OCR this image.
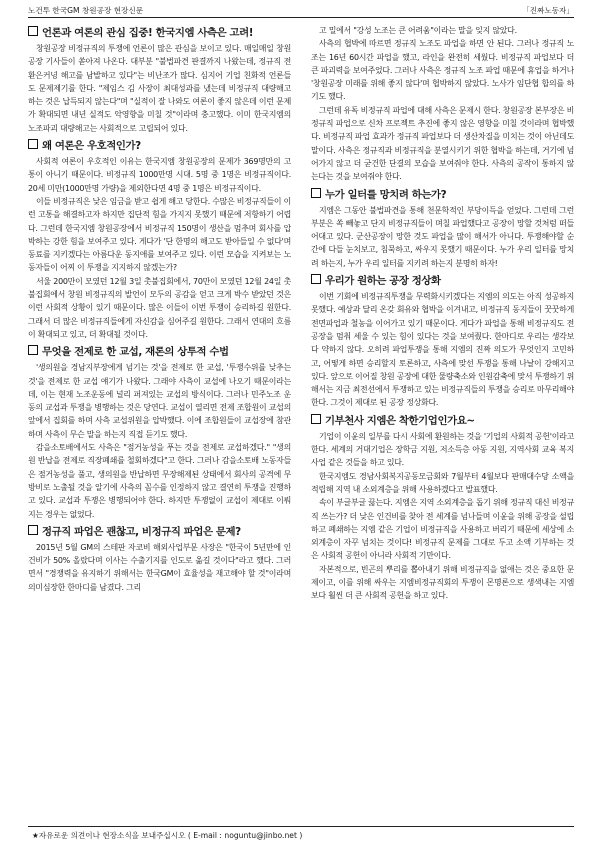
노건투 한국GM 창원공장 현장신문	「진짜노동자」
언론과 여론의 관심 집중! 한국지엠 사측은 고려!

창원공장 비정규직의 투쟁에 언론이 많은 관심을 보이고 있다. 매일매일 창원공장 기사들이 쏟아져 나온다. 대부분 "불법파견 판결까지 나왔는데, 정규직 전환은커녕 해고를 남발하고 있다"는 비난조가 많다. 심지어 기업 친화적 언론들도 문제제기를 한다. "제임스 김 사장이 최대성과를 냈는데 비정규직 대량해고 하는 것은 납득되지 않는다"며 "실적이 잘 나와도 여론이 좋지 않은데 이런 문제가 확대되면 내년 실적도 악영향을 미칠 것"이라며 충고했다. 이미 한국지엠의 노조파괴 대량해고는 사회적으로 고립되어 있다.

왜 여론은 우호적인가?

사회적 여론이 우호적인 이유는 한국지엠 창원공장의 문제가 369명만의 고통이 아니기 때문이다. 비정규직 1000만명 시대. 5명 중 1명은 비정규직이다. 20세 미만(1000만명 가량)을 제외한다면 4명 중 1명은 비정규직이다.

이들 비정규직은 낮은 임금을 받고 쉽게 해고 당한다. 수많은 비정규직들이 이런 고통을 해결하고자 하지만 집단적 힘을 가지지 못했기 때문에 저항하기 어렵다. 그런데 한국지엠 창원공장에서 비정규직 150명이 생산을 멈추며 회사를 압박하는 강한 힘을 보여주고 있다. 게다가 '단 한명의 해고도 받아들일 수 없다'며 동료를 지키겠다는 아름다운 동지애를 보여주고 있다. 이런 모습을 지켜보는 노동자들이 어찌 이 투쟁을 지지하지 않겠는가?

서울 200만이 모였던 12월 3일 촛불집회에서, 70만이 모였던 12월 24일 촛불집회에서 창원 비정규직의 발언이 모두의 공감을 얻고 크게 박수 받았던 것은 이런 사회적 상황이 있기 때문이다. 많은 이들이 이번 투쟁이 승리하길 원한다. 그래서 더 많은 비정규직들에게 자신감을 심어주길 원한다. 그래서 연대의 흐름이 확대되고 있고, 더 확대될 것이다.

무엇을 전제로 한 교섭, 재론의 상투적 수법

'생의원을 경남지부장에게 넘기는 것'을 전제로 한 교섭, '투쟁수위를 낮추는 것'을 전제로 한 교섭 얘기가 나왔다. 그래야 사측이 교섭에 나오기 때문이라는데, 이는 현재 노조운동에 널리 퍼져있는 교섭의 방식이다. 그러나 민주노조 운동의 교섭과 투쟁을 병행하는 것은 당연다. 교섭이 열리면 전제 조합원이 교섭의 앞에서 집회를 하며 사측 교섭위원을 압박했다. 이에 조합원들이 교섭장에 참관하며 사측이 무슨 말을 하는지 직접 듣기도 했다.

감을소토배에서도 사측은 "점거농성을 푸는 것을 전제로 교섭하겠다." "생의원 반납을 전제로 직장폐쇄를 철회하겠다"고 한다. 그러나 감을소토배 노동자들은 점거농성을 풀고, 생의원을 반납하면 무장해제된 상태에서 회사의 공격에 무방비로 노출될 것을 알기에 사측의 꼼수를 인정하지 않고 결연히 투쟁을 진행하고 있다. 교섭과 투쟁은 병행되어야 한다. 하지만 투쟁없이 교섭이 제대로 이뤄지는 경우는 없었다.

정규직 파업은 괜찮고, 비정규직 파업은 문제?

2015년 5월 GM의 스테판 자코비 해외사업부문 사장은 "한국이 5년만에 인건비가 50% 올랐다며 이사는 수출기지를 인도로 옮길 것이다"라고 했다. 그러면서 "경쟁력을 유지하기 위해서는 한국GM이 효율성을 재고해야 할 것"이라며 의미심장한 한마디를 남겼다. 그리

고 밀에서 "강성 노조는 큰 어려움"이라는 말을 잊지 않았다.

사측의 협박에 따르면 정규직 노조도 파업을 하면 안 된다. 그러나 정규직 노조는 16년 60시간 파업을 했고, 라인을 완전히 세웠다. 비정규직 파업보다 더 큰 파괴력을 보여주었다. 그러나 사측은 정규직 노조 파업 때문에 휴업을 하거나 '창원공장 미래를 위해 좋지 않다'며 협박하지 않았다. 노사가 임단협 합의를 하기도 했다.

그런데 유독 비정규직 파업에 대해 사측은 문제시 한다. 창원공장 본부장은 비정규직 파업으로 신차 프로젝트 추진에 좋지 않은 영향을 미칠 것이라며 협박했다. 비정규직 파업 효과가 정규직 파업보다 더 생산차질을 미치는 것이 아닌데도 말이다. 사측은 정규직과 비정규직을 분열시키기 위한 협박을 하는데, 거기에 넘어가지 않고 더 굳건한 단결의 모습을 보여줘야 한다. 사측의 공작이 통하지 않는다는 것을 보여줘야 한다.

누가 일터를 망치려 하는가?

지엠은 그동안 불법파견을 통해 천문학적인 부당이득을 얻었다. 그런데 그런 부분은 쏙 빼놓고 단지 비정규직들이 며칠 파업했다고 공장이 망할 것처럼 떠들어대고 있다. 군산공장이 망한 것도 파업을 많이 해서가 아니다. 투쟁해야할 순간에 다들 눈치보고, 침묵하고, 싸우지 못했기 때문이다. 누가 우리 일터를 망치려 하는지, 누가 우리 일터를 지키려 하는지 분명히 하자!

우리가 원하는 공장 정상화

이번 기회에 비정규직투쟁을 무력화시키겠다는 지엠의 의도는 아직 성공하지 못했다. 예상과 달리 온갖 회유와 협박을 이겨내고, 비정규직 동지들이 꿋꿋하게 전면파업과 철농을 이어가고 있기 때문이다. 게다가 파업을 통해 비정규직도 전 공장을 멈춰 세울 수 있는 힘이 있다는 것을 보여줬다. 한마디로 우리는 생각보다 약하지 않다. 오히려 파업투쟁을 통해 지엠의 진짜 의도가 무엇인지 고민하고, 어떻게 하면 승리할지 토론하고, 사측에 맞선 투쟁을 통해 나날이 강해지고 있다. 앞으로 이어질 창원 공장에 대한 물량축소와 인원감축에 맞서 투쟁하기 위해서는 지금 최전선에서 투쟁하고 있는 비정규직들의 투쟁을 승리로 마무리해야 한다. 그것이 제대로 된 공장 정상화다.

기부천사 지엠은 착한기업인가요~

기업이 이윤의 일부를 다시 사회에 환원하는 것을 '기업의 사회적 공헌'이라고 한다. 세계의 거대기업은 장학금 지원, 저소득층 아동 지원, 지역사회 교육 복지 사업 같은 것들을 하고 있다.

한국지엠도 경남사회복지공동모금회와 7월부터 4월보다 판매대수당 소액을 적립해 지역 내 소외계층을 위해 사용하겠다고 발표했다.

속이 부글부글 끓는다. 지엠은 지역 소외계층을 돕기 위해 정규직 대신 비정규직 쓰는가? 더 낮은 인건비를 찾아 전 세계를 넘나들며 이윤을 위해 공장을 설립하고 폐쇄하는 지엠 같은 기업이 비정규직을 사용하고 버리기 때문에 세상에 소외계층이 자꾸 넘치는 것이다! 비정규직 문제를 그대로 두고 소액 기부하는 것은 사회적 공헌이 아니라 사회적 기만이다.

자본적으로, 빈곤의 뿌리를 뽑아내기 위해 비정규직을 없애는 것은 중요한 문제이고, 이를 위해 싸우는 지엠비정규직회의 투쟁이 몬명론으로 생색내는 지엠보다 훨씬 더 큰 사회적 공헌을 하고 있다.

★자유로운 의견이나 현장소식을 보내주십시오 ( E-mail : noguntu@jinbo.net )
